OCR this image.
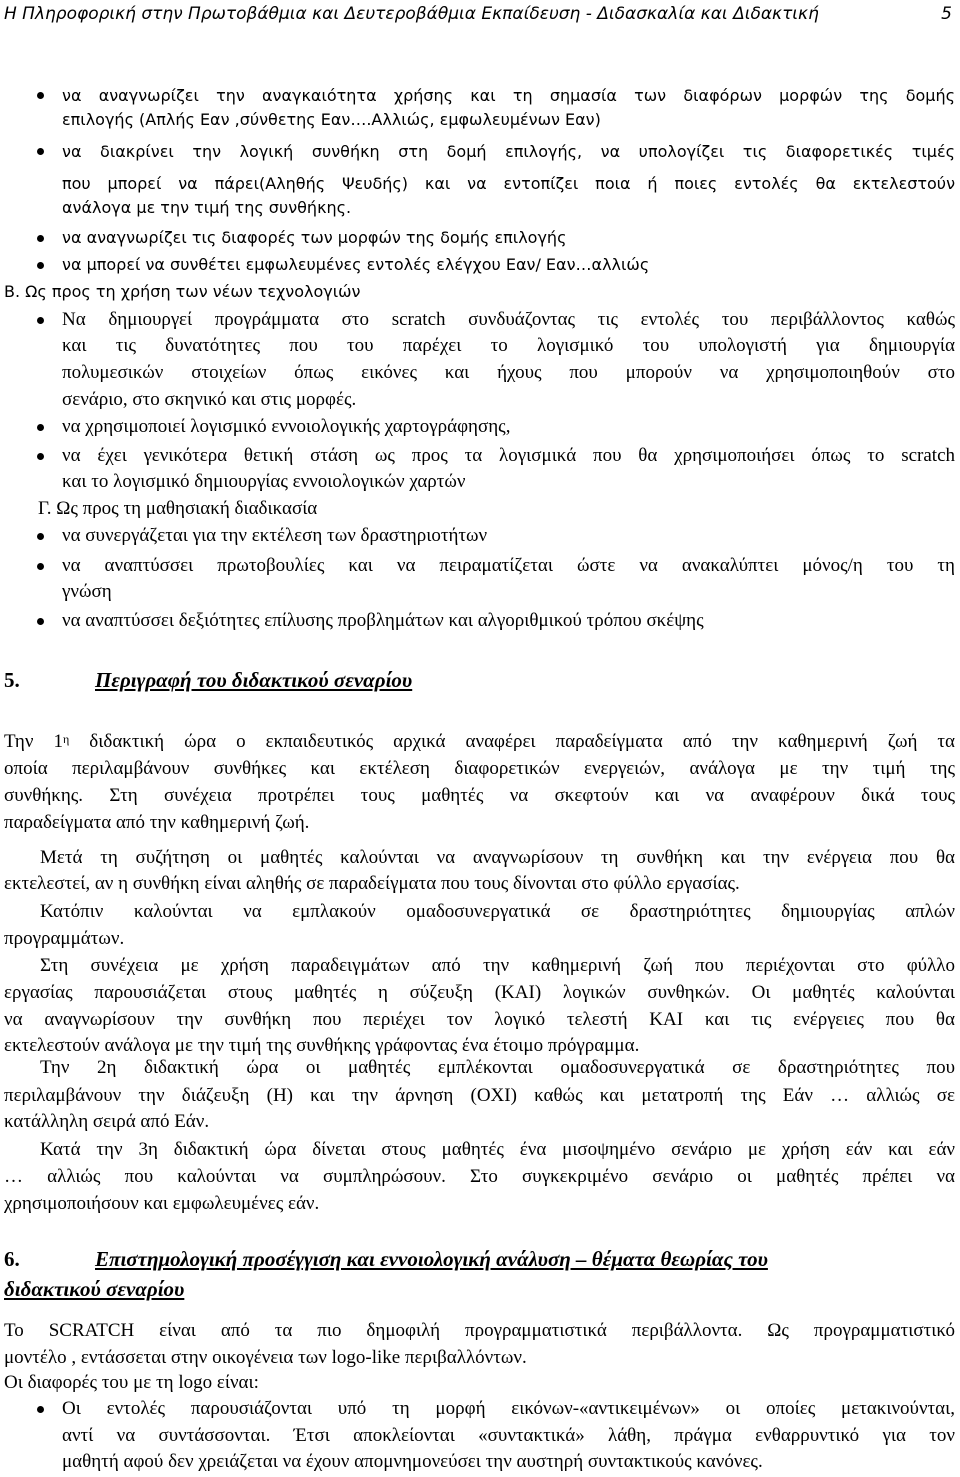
Η Πληροφορική στην Πρωτοβάθμια και Δευτεροβάθμια Εκπαίδευση - Διδασκαλία και Διδακτική	5
να αναγνωρίζει την αναγκαιότητα χρήσης και τη σημασία των διαφόρων μορφών της δομής
επιλογής (Απλής Εαν ,σύνθετης Εαν….Αλλιώς, εμφωλευμένων Εαν)
να διακρίνει την λογική συνθήκη στη δομή επιλογής, να υπολογίζει τις διαφορετικές τιμές
που μπορεί να πάρει(Αληθής Ψευδής) και να εντοπίζει ποια ή ποιες εντολές θα εκτελεστούν
ανάλογα με την τιμή της συνθήκης.
να αναγνωρίζει τις διαφορές των μορφών της δομής επιλογής
να μπορεί να συνθέτει εμφωλευμένες εντολές ελέγχου Εαν/ Εαν…αλλιώς
Β. Ως προς τη χρήση των νέων τεχνολογιών
Να δημιουργεί προγράμματα στο scratch συνδυάζοντας τις εντολές του περιβάλλοντος καθώς
και τις δυνατότητες που του παρέχει το λογισμικό του υπολογιστή για δημιουργία
πολυμεσικών στοιχείων όπως εικόνες και ήχους που μπορούν να χρησιμοποιηθούν στο
σενάριο, στο σκηνικό και στις μορφές.
να χρησιμοποιεί λογισμικό εννοιολογικής χαρτογράφησης,
να έχει γενικότερα θετική στάση ως προς τα λογισμικά που θα χρησιμοποιήσει όπως το scratch
και το λογισμικό δημιουργίας εννοιολογικών χαρτών
Γ. Ως προς τη μαθησιακή διαδικασία
να συνεργάζεται για την εκτέλεση των δραστηριοτήτων
να αναπτύσσει πρωτοβουλίες και να πειραματίζεται ώστε να ανακαλύπτει μόνος/η του τη
γνώση
να αναπτύσσει δεξιότητες επίλυσης προβλημάτων και αλγοριθμικού τρόπου σκέψης
5.	Περιγραφή του διδακτικού σεναρίου
Την $1^\eta$ διδακτική ώρα ο εκπαιδευτικός αρχικά αναφέρει παραδείγματα από την καθημερινή ζωή τα
οποία περιλαμβάνουν συνθήκες και εκτέλεση διαφορετικών ενεργειών, ανάλογα με την τιμή της
συνθήκης. Στη συνέχεια προτρέπει τους μαθητές να σκεφτούν και να αναφέρουν δικά τους
παραδείγματα από την καθημερινή ζωή.
Μετά τη συζήτηση οι μαθητές καλούνται να αναγνωρίσουν τη συνθήκη και την ενέργεια που θα
εκτελεστεί, αν η συνθήκη είναι αληθής σε παραδείγματα που τους δίνονται στο φύλλο εργασίας.
Κατόπιν καλούνται να εμπλακούν ομαδοσυνεργατικά σε δραστηριότητες δημιουργίας απλών
προγραμμάτων.
Στη συνέχεια με χρήση παραδειγμάτων από την καθημερινή ζωή που περιέχονται στο φύλλο
εργασίας παρουσιάζεται στους μαθητές η σύζευξη (ΚΑΙ) λογικών συνθηκών. Οι μαθητές καλούνται
να αναγνωρίσουν την συνθήκη που περιέχει τον λογικό τελεστή ΚΑΙ και τις ενέργειες που θα
εκτελεστούν ανάλογα με την τιμή της συνθήκης γράφοντας ένα έτοιμο πρόγραμμα.
Την 2η διδακτική ώρα οι μαθητές εμπλέκονται ομαδοσυνεργατικά σε δραστηριότητες που
περιλαμβάνουν την διάζευξη (Η) και την άρνηση (ΟΧΙ) καθώς και μετατροπή της Εάν … αλλιώς σε
κατάλληλη σειρά από Εάν.
Κατά την 3η διδακτική ώρα δίνεται στους μαθητές ένα μισοψημένο σενάριο με χρήση εάν και εάν
… αλλιώς που καλούνται να συμπληρώσουν. Στο συγκεκριμένο σενάριο οι μαθητές πρέπει να
χρησιμοποιήσουν και εμφωλευμένες εάν.
6.	Επιστημολογική προσέγγιση και εννοιολογική ανάλυση – θέματα θεωρίας του
διδακτικού σεναρίου
Το SCRATCH είναι από τα πιο δημοφιλή προγραμματιστικά περιβάλλοντα. Ως προγραμματιστικό
μοντέλο , εντάσσεται στην οικογένεια των logo-like περιβαλλόντων.
Οι διαφορές του με τη logo είναι:
Οι εντολές παρουσιάζονται υπό τη μορφή εικόνων-«αντικειμένων» οι οποίες μετακινούνται,
αντί να συντάσσονται. Έτσι αποκλείονται «συντακτικά» λάθη, πράγμα ενθαρρυντικό για τον
μαθητή αφού δεν χρειάζεται να έχουν απομνημονεύσει την αυστηρή συντακτικούς κανόνες.
